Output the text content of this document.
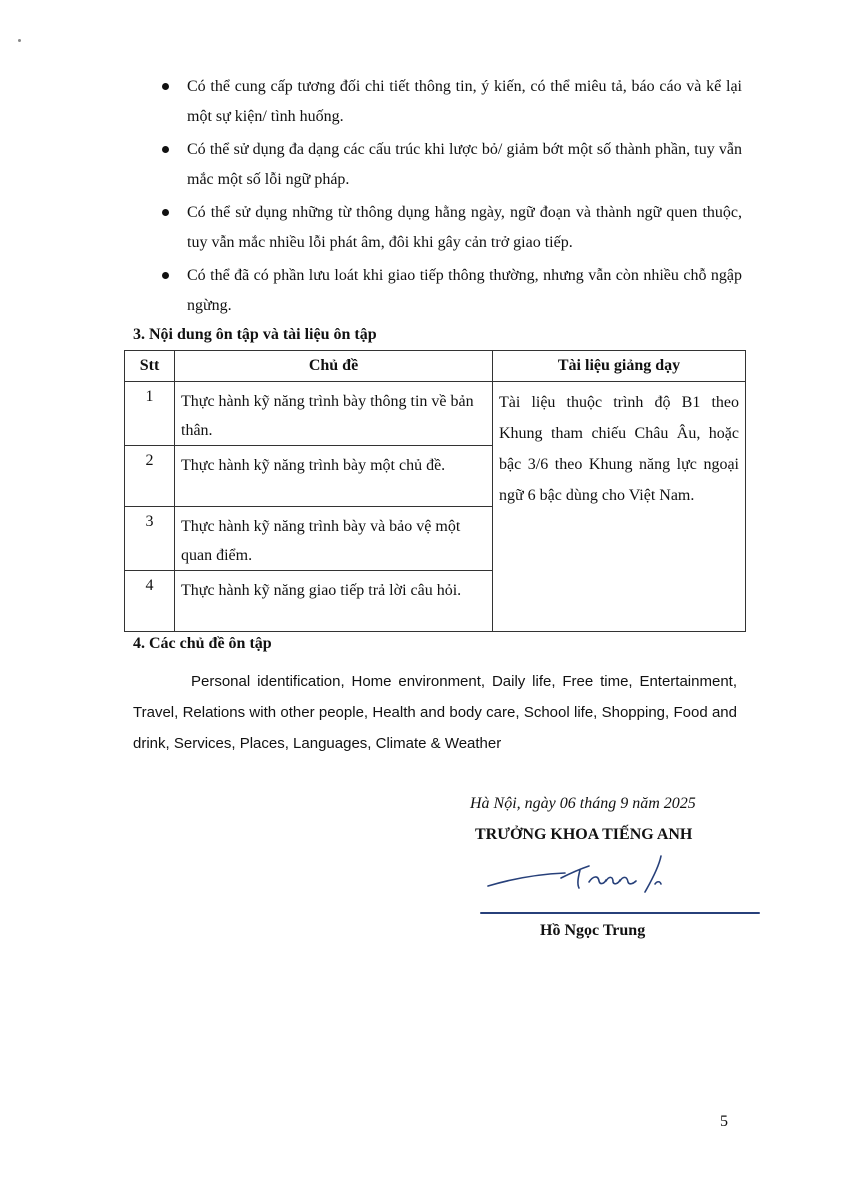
Có thể cung cấp tương đối chi tiết thông tin, ý kiến, có thể miêu tả, báo cáo và kể lại một sự kiện/ tình huống.
Có thể sử dụng đa dạng các cấu trúc khi lược bỏ/ giảm bớt một số thành phần, tuy vẫn mắc một số lỗi ngữ pháp.
Có thể sử dụng những từ thông dụng hằng ngày, ngữ đoạn và thành ngữ quen thuộc, tuy vẫn mắc nhiều lỗi phát âm, đôi khi gây cản trở giao tiếp.
Có thể đã có phần lưu loát khi giao tiếp thông thường, nhưng vẫn còn nhiều chỗ ngập ngừng.
3. Nội dung ôn tập và tài liệu ôn tập
Stt	Chủ đề	Tài liệu giảng dạy
1	Thực hành kỹ năng trình bày thông tin về bản thân.	Tài liệu thuộc trình độ B1 theo Khung tham chiếu Châu Âu, hoặc bậc 3/6 theo Khung năng lực ngoại ngữ 6 bậc dùng cho Việt Nam.
2	Thực hành kỹ năng trình bày một chủ đề.	
3	Thực hành kỹ năng trình bày và bảo vệ một quan điểm.	
4	Thực hành kỹ năng giao tiếp trả lời câu hỏi.	
4. Các chủ đề ôn tập
Personal identification, Home environment, Daily life, Free time, Entertainment, Travel, Relations with other people, Health and body care, School life, Shopping, Food and drink, Services, Places, Languages, Climate & Weather
Hà Nội, ngày 06 tháng 9 năm 2025
TRƯỞNG KHOA TIẾNG ANH
Hồ Ngọc Trung
5
